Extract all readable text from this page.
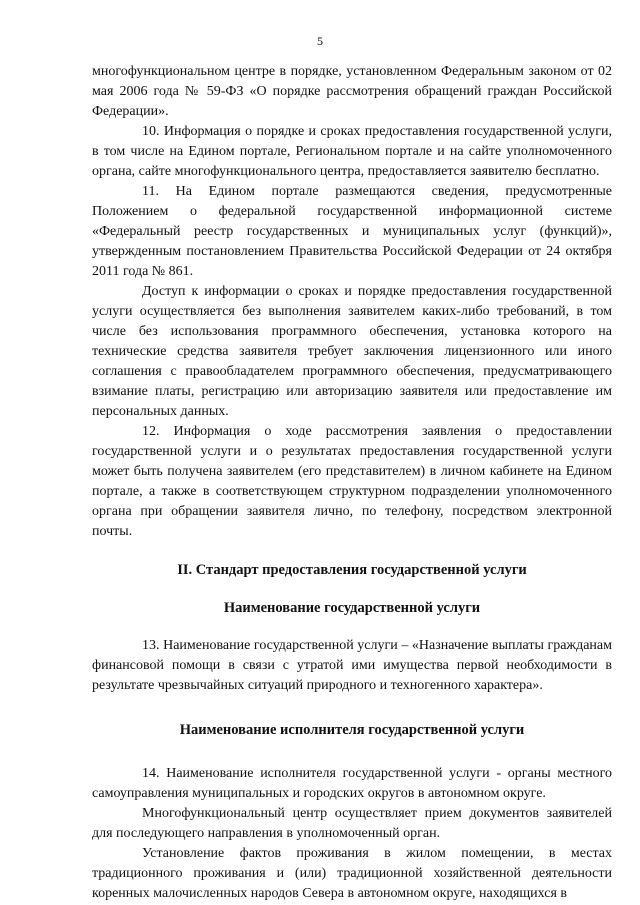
5

многофункциональном центре в порядке, установленном Федеральным законом от 02 мая 2006 года № 59-ФЗ «О порядке рассмотрения обращений граждан Российской Федерации».

10. Информация о порядке и сроках предоставления государственной услуги, в том числе на Едином портале, Региональном портале и на сайте уполномоченного органа, сайте многофункционального центра, предоставляется заявителю бесплатно.

11. На Едином портале размещаются сведения, предусмотренные Положением о федеральной государственной информационной системе «Федеральный реестр государственных и муниципальных услуг (функций)», утвержденным постановлением Правительства Российской Федерации от 24 октября 2011 года № 861.

Доступ к информации о сроках и порядке предоставления государственной услуги осуществляется без выполнения заявителем каких-либо требований, в том числе без использования программного обеспечения, установка которого на технические средства заявителя требует заключения лицензионного или иного соглашения с правообладателем программного обеспечения, предусматривающего взимание платы, регистрацию или авторизацию заявителя или предоставление им персональных данных.

12. Информация о ходе рассмотрения заявления о предоставлении государственной услуги и о результатах предоставления государственной услуги может быть получена заявителем (его представителем) в личном кабинете на Едином портале, а также в соответствующем структурном подразделении уполномоченного органа при обращении заявителя лично, по телефону, посредством электронной почты.

II. Стандарт предоставления государственной услуги

Наименование государственной услуги

13. Наименование государственной услуги – «Назначение выплаты гражданам финансовой помощи в связи с утратой ими имущества первой необходимости в результате чрезвычайных ситуаций природного и техногенного характера».

Наименование исполнителя государственной услуги

14. Наименование исполнителя государственной услуги - органы местного самоуправления муниципальных и городских округов в автономном округе.

Многофункциональный центр осуществляет прием документов заявителей для последующего направления в уполномоченный орган.

Установление фактов проживания в жилом помещении, в местах традиционного проживания и (или) традиционной хозяйственной деятельности коренных малочисленных народов Севера в автономном округе, находящихся в
